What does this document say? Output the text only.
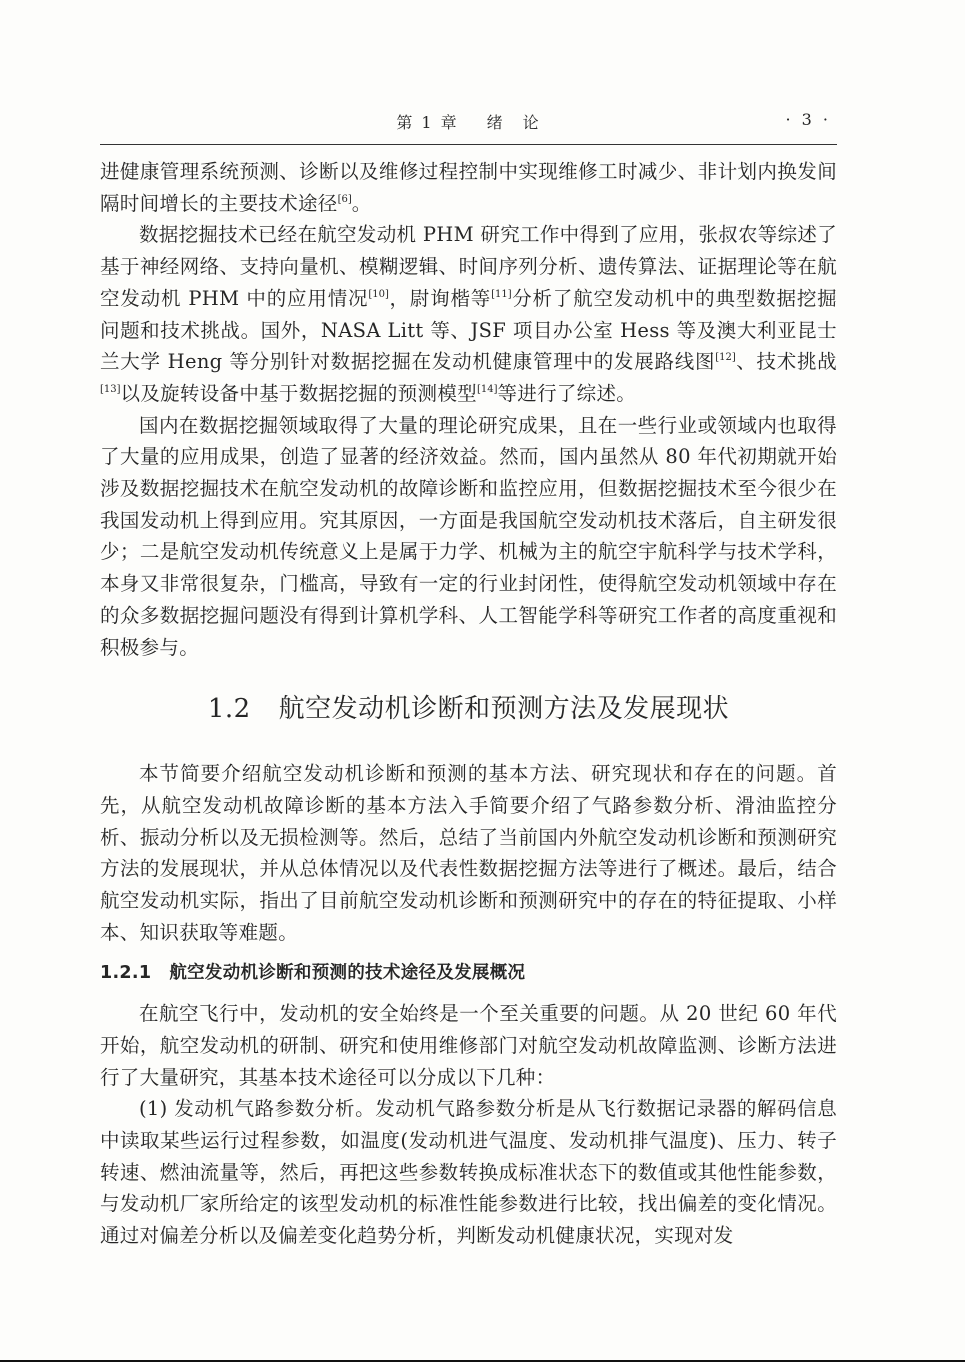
第 1 章 绪　论	· 3 ·

进健康管理系统预测、诊断以及维修过程控制中实现维修工时减少、非计划内换发间隔时间增长的主要技术途径[6]。

数据挖掘技术已经在航空发动机 PHM 研究工作中得到了应用，张叔农等综述了基于神经网络、支持向量机、模糊逻辑、时间序列分析、遗传算法、证据理论等在航空发动机 PHM 中的应用情况[10]，尉询楷等[11]分析了航空发动机中的典型数据挖掘问题和技术挑战。国外，NASA Litt 等、JSF 项目办公室 Hess 等及澳大利亚昆士兰大学 Heng 等分别针对数据挖掘在发动机健康管理中的发展路线图[12]、技术挑战[13]以及旋转设备中基于数据挖掘的预测模型[14]等进行了综述。

国内在数据挖掘领域取得了大量的理论研究成果，且在一些行业或领域内也取得了大量的应用成果，创造了显著的经济效益。然而，国内虽然从 80 年代初期就开始涉及数据挖掘技术在航空发动机的故障诊断和监控应用，但数据挖掘技术至今很少在我国发动机上得到应用。究其原因，一方面是我国航空发动机技术落后，自主研发很少；二是航空发动机传统意义上是属于力学、机械为主的航空宇航科学与技术学科，本身又非常很复杂，门槛高，导致有一定的行业封闭性，使得航空发动机领域中存在的众多数据挖掘问题没有得到计算机学科、人工智能学科等研究工作者的高度重视和积极参与。

1.2 航空发动机诊断和预测方法及发展现状

本节简要介绍航空发动机诊断和预测的基本方法、研究现状和存在的问题。首先，从航空发动机故障诊断的基本方法入手简要介绍了气路参数分析、滑油监控分析、振动分析以及无损检测等。然后，总结了当前国内外航空发动机诊断和预测研究方法的发展现状，并从总体情况以及代表性数据挖掘方法等进行了概述。最后，结合航空发动机实际，指出了目前航空发动机诊断和预测研究中的存在的特征提取、小样本、知识获取等难题。

1.2.1 航空发动机诊断和预测的技术途径及发展概况

在航空飞行中，发动机的安全始终是一个至关重要的问题。从 20 世纪 60 年代开始，航空发动机的研制、研究和使用维修部门对航空发动机故障监测、诊断方法进行了大量研究，其基本技术途径可以分成以下几种：

(1) 发动机气路参数分析。发动机气路参数分析是从飞行数据记录器的解码信息中读取某些运行过程参数，如温度(发动机进气温度、发动机排气温度)、压力、转子转速、燃油流量等，然后，再把这些参数转换成标准状态下的数值或其他性能参数，与发动机厂家所给定的该型发动机的标准性能参数进行比较，找出偏差的变化情况。通过对偏差分析以及偏差变化趋势分析，判断发动机健康状况，实现对发
